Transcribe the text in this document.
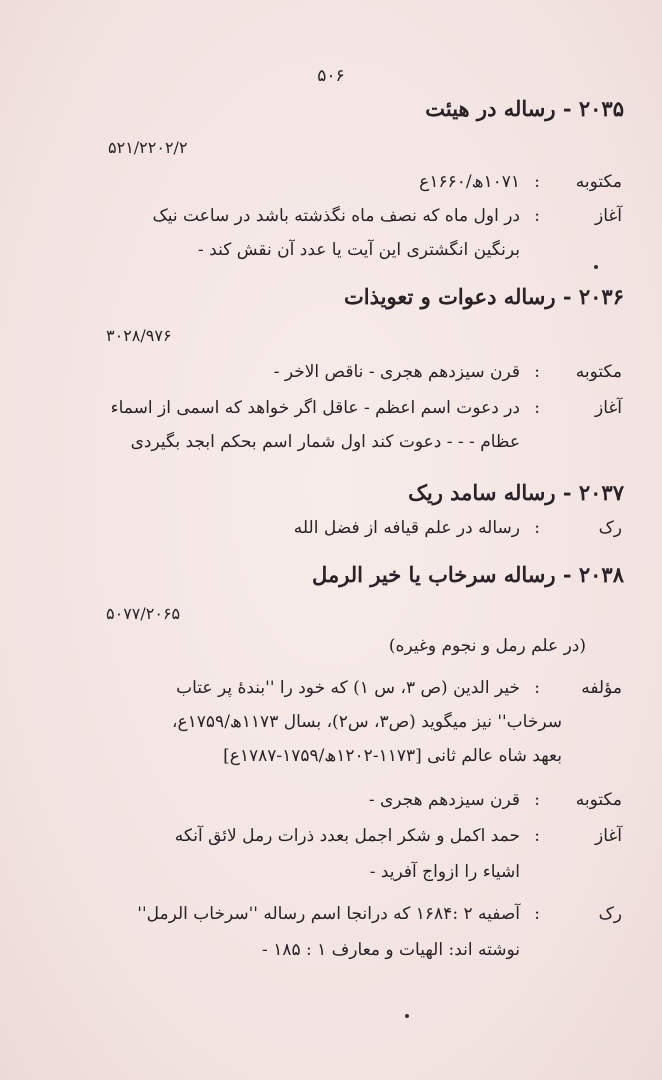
۵۰۶
۲۰۳۵ - رساله در هیئت
۵۲۱/۲۲۰۲/۲
مکتوبه
:
۱۰۷۱ھ/۱۶۶۰ع
آغاز
:
در اول ماه که نصف ماه نگذشته باشد در ساعت نیک
برنگین انگشتری این آیت یا عدد آن نقش کند -
۲۰۳۶ - رساله دعوات و تعویذات
۳۰۲۸/۹۷۶
مکتوبه
:
قرن سیزدهم هجری - ناقص الاخر -
آغاز
:
در دعوت اسم اعظم - عاقل اگر خواهد که اسمی از اسماء
عظام - - - دعوت کند اول شمار اسم بحکم ابجد بگیردی
۲۰۳۷ - رساله سامد ریک
رک
:
رساله در علم قیافه از فضل الله
۲۰۳۸ - رساله سرخاب یا خیر الرمل
۵۰۷۷/۲۰۶۵
(در علم رمل و نجوم وغیره)
مؤلفه
:
خیر الدین (ص ۳، س ۱) که خود را ''بندهٔ پر عتاب
سرخاب'' نیز میگوید (ص۳، س۲)، بسال ۱۱۷۳ھ/۱۷۵۹ع،
بعهد شاه عالم ثانی [۱۱۷۳-۱۲۰۲ھ/۱۷۵۹-۱۷۸۷ع]
مکتوبه
:
قرن سیزدهم هجری -
آغاز
:
حمد اکمل و شکر اجمل بعدد ذرات رمل لائق آنکه
اشیاء را ازواج آفرید -
رک
:
آصفیه ۲ :۱۶۸۴ که درانجا اسم رساله ''سرخاب الرمل''
نوشته اند: الهیات و معارف ۱ : ۱۸۵ -
